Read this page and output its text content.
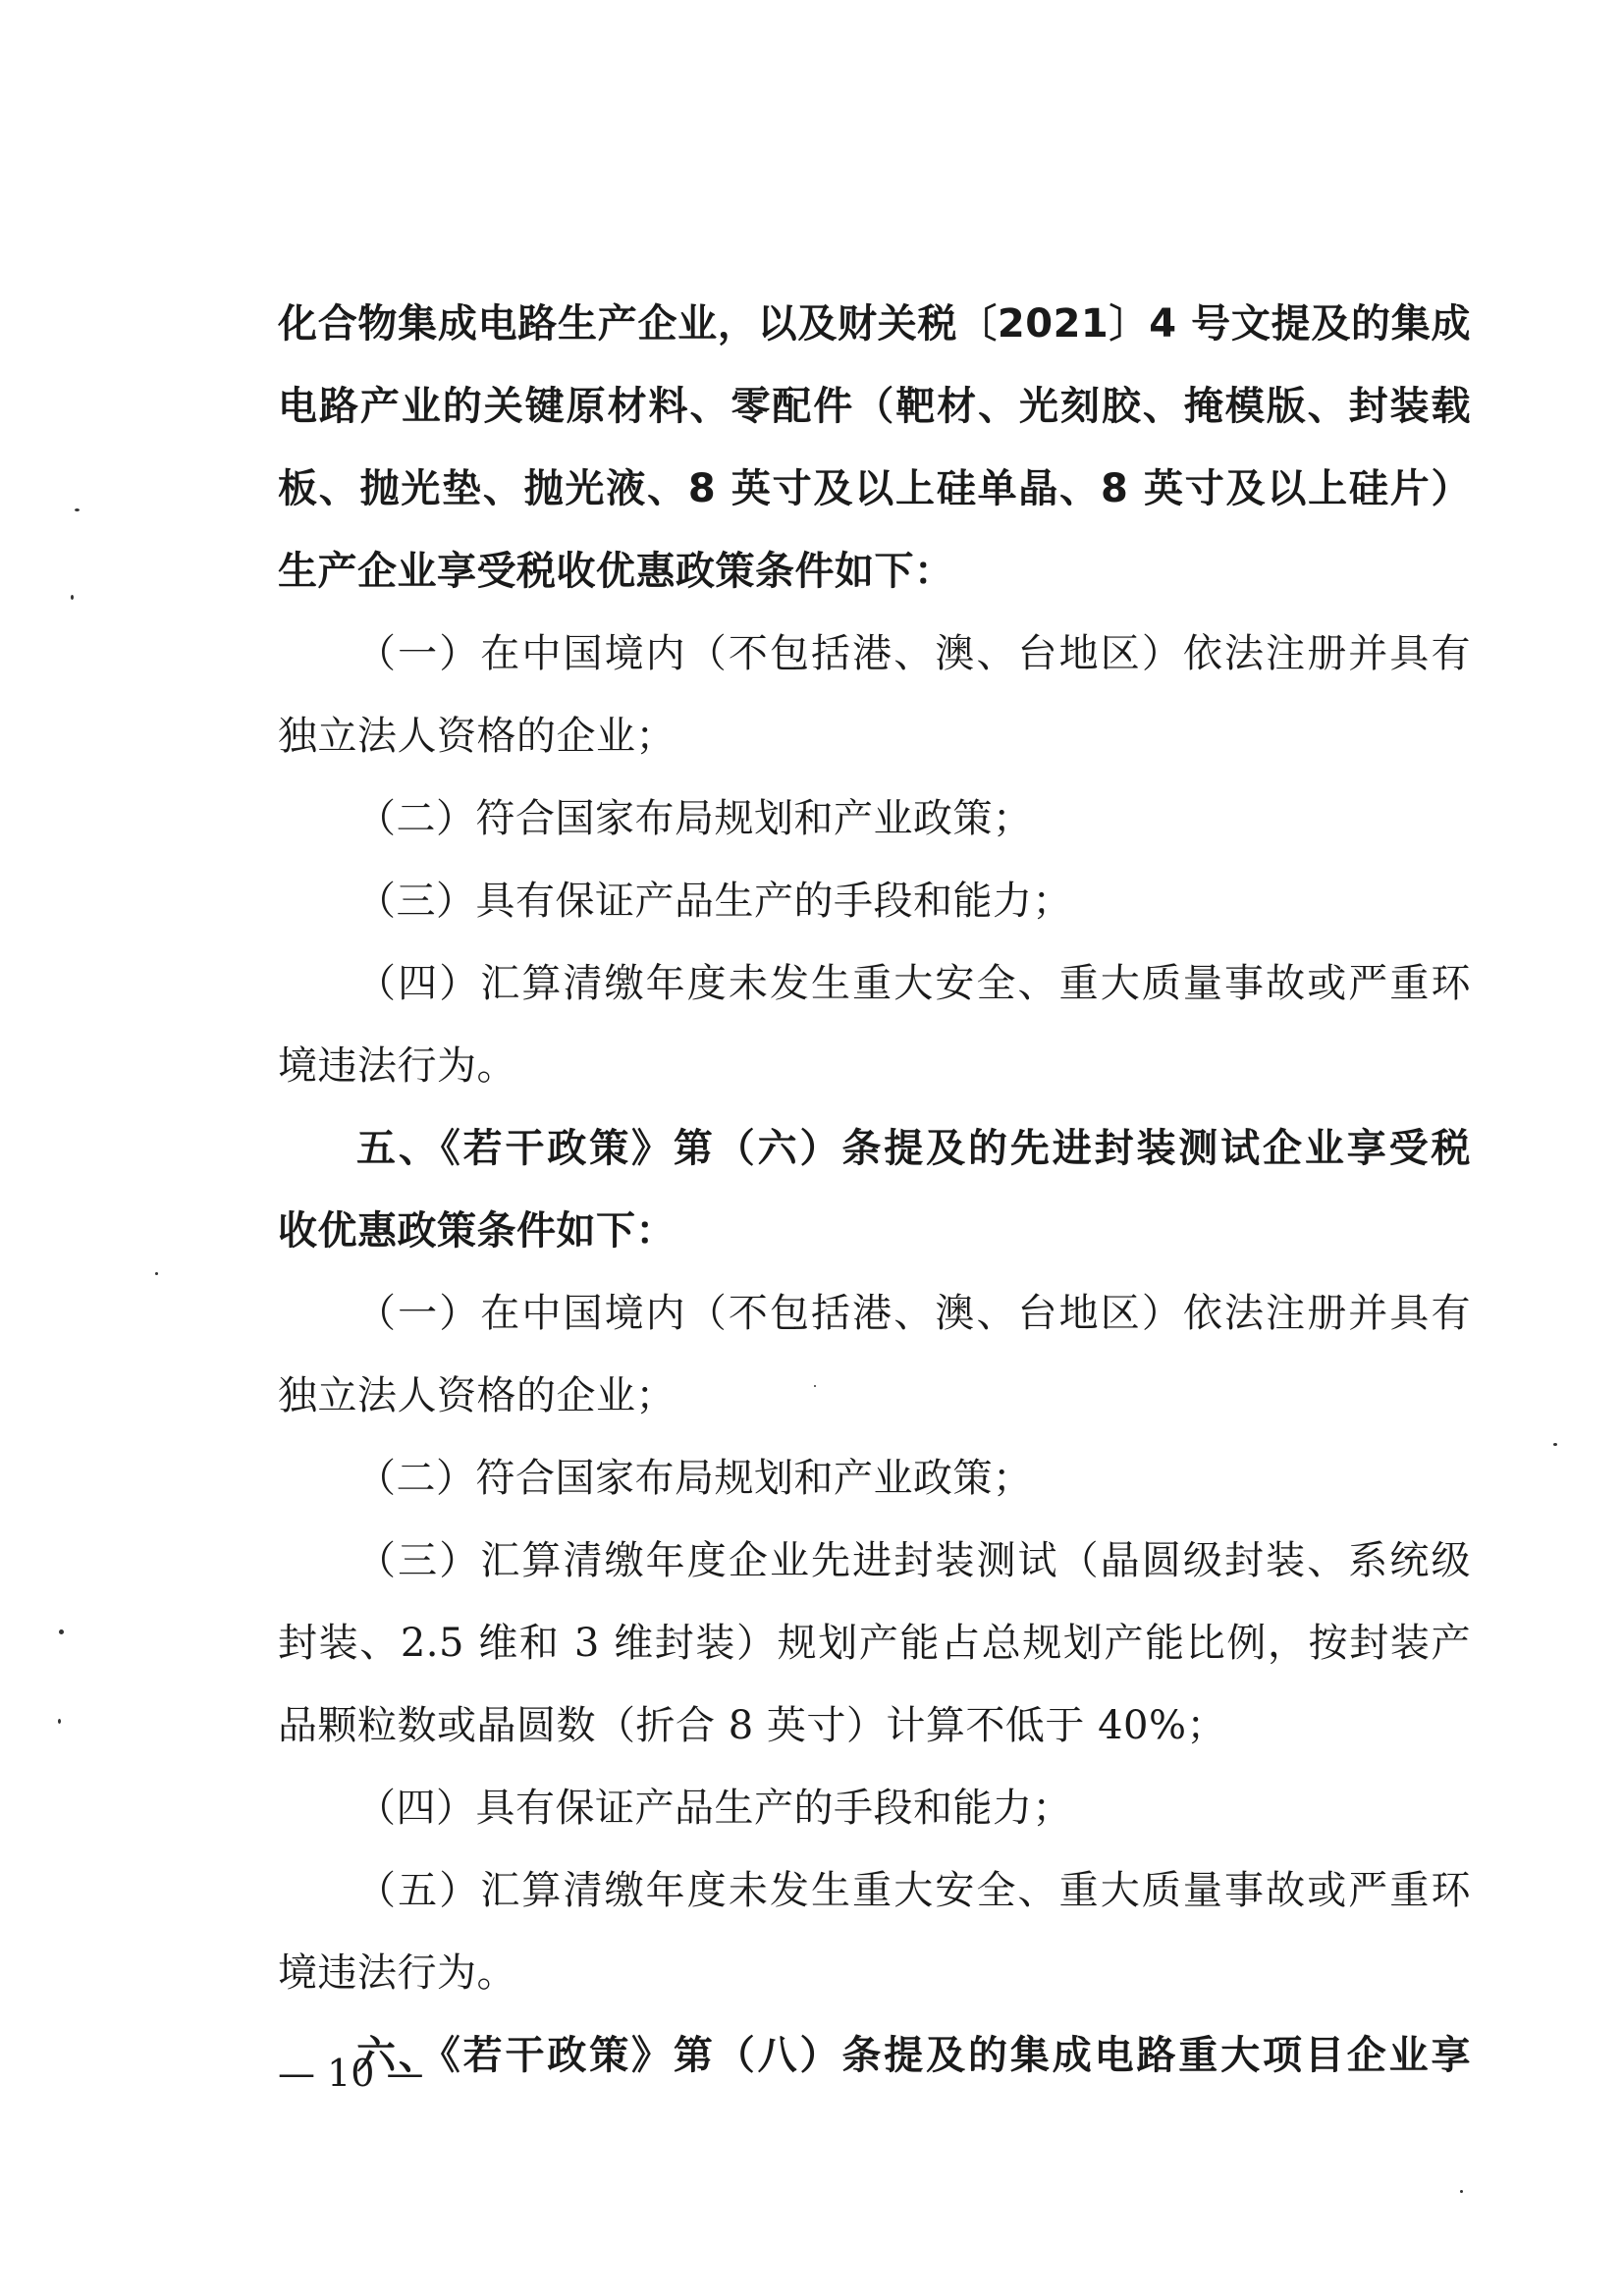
化合物集成电路生产企业，以及财关税〔2021〕4 号文提及的集成
电路产业的关键原材料、零配件（靶材、光刻胶、掩模版、封装载
板、抛光垫、抛光液、8 英寸及以上硅单晶、8 英寸及以上硅片）
生产企业享受税收优惠政策条件如下：
（一）在中国境内（不包括港、澳、台地区）依法注册并具有
独立法人资格的企业；
（二）符合国家布局规划和产业政策；
（三）具有保证产品生产的手段和能力；
（四）汇算清缴年度未发生重大安全、重大质量事故或严重环
境违法行为。
五、《若干政策》第（六）条提及的先进封装测试企业享受税
收优惠政策条件如下：
（一）在中国境内（不包括港、澳、台地区）依法注册并具有
独立法人资格的企业；
（二）符合国家布局规划和产业政策；
（三）汇算清缴年度企业先进封装测试（晶圆级封装、系统级
封装、2.5 维和 3 维封装）规划产能占总规划产能比例，按封装产
品颗粒数或晶圆数（折合 8 英寸）计算不低于 40%；
（四）具有保证产品生产的手段和能力；
（五）汇算清缴年度未发生重大安全、重大质量事故或严重环
境违法行为。
六、《若干政策》第（八）条提及的集成电路重大项目企业享
— 10 —
